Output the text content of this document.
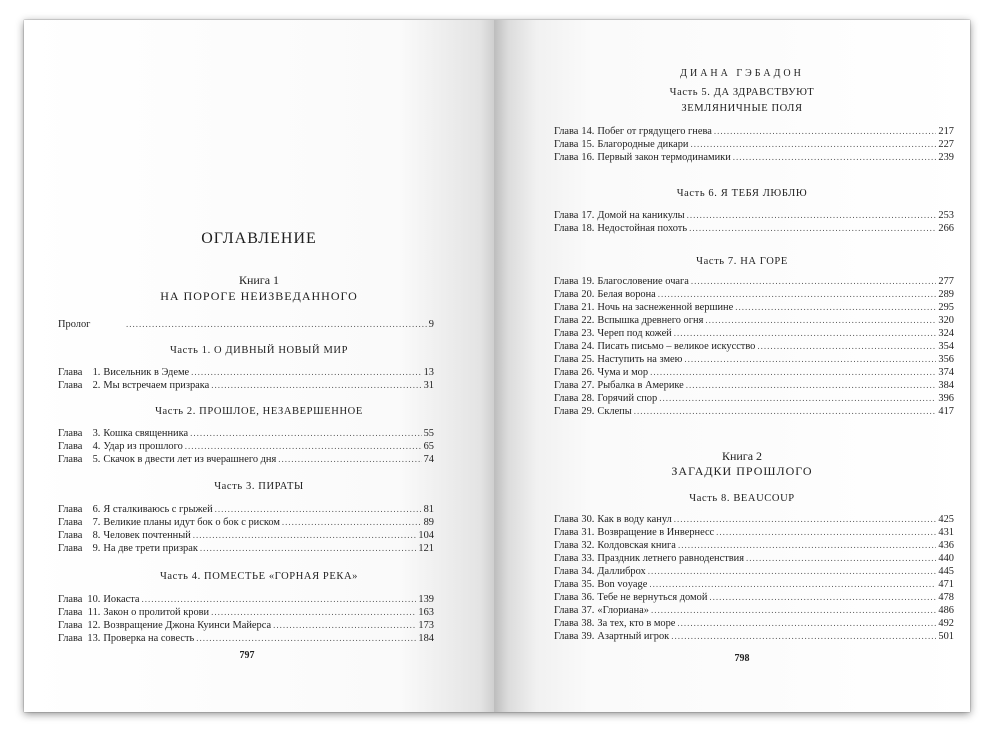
ОГЛАВЛЕНИЕ
Книга 1
НА ПОРОГЕ НЕИЗВЕДАННОГО
Пролог .....	9
Часть 1. О ДИВНЫЙ НОВЫЙ МИР
Часть 2. ПРОШЛОЕ, НЕЗАВЕРШЕННОЕ
Часть 3. ПИРАТЫ
Часть 4. ПОМЕСТЬЕ «ГОРНАЯ РЕКА»
797
Глава 1. Висельник в Эдеме .....	13
Глава 2. Мы встречаем призрака .....	31
Глава 3. Кошка священника .....	55
Глава 4. Удар из прошлого .....	65
Глава 5. Скачок в двести лет из вчерашнего дня .....	74
Глава 6. Я сталкиваюсь с грыжей .....	81
Глава 7. Великие планы идут бок о бок с риском .....	89
Глава 8. Человек почтенный .....	104
Глава 9. На две трети призрак .....	121
Глава 10. Иокаста .....	139
Глава 11. Закон о пролитой крови .....	163
Глава 12. Возвращение Джона Куинси Майерса .....	173
Глава 13. Проверка на совесть .....	184
ДИАНА ГЭБАДОН
Часть 5. ДА ЗДРАВСТВУЮТ
ЗЕМЛЯНИЧНЫЕ ПОЛЯ
Часть 6. Я ТЕБЯ ЛЮБЛЮ
Часть 7. НА ГОРЕ
Книга 2
ЗАГАДКИ ПРОШЛОГО
Часть 8. BEAUCOUP
798
Глава 14. Побег от грядущего гнева .....	217
Глава 15. Благородные дикари .....	227
Глава 16. Первый закон термодинамики .....	239
Глава 17. Домой на каникулы .....	253
Глава 18. Недостойная похоть .....	266
Глава 19. Благословение очага .....	277
Глава 20. Белая ворона .....	289
Глава 21. Ночь на заснеженной вершине .....	295
Глава 22. Вспышка древнего огня .....	320
Глава 23. Череп под кожей .....	324
Глава 24. Писать письмо – великое искусство .....	354
Глава 25. Наступить на змею .....	356
Глава 26. Чума и мор .....	374
Глава 27. Рыбалка в Америке .....	384
Глава 28. Горячий спор .....	396
Глава 29. Склепы .....	417
Глава 30. Как в воду канул .....	425
Глава 31. Возвращение в Инвернесс .....	431
Глава 32. Колдовская книга .....	436
Глава 33. Праздник летнего равноденствия .....	440
Глава 34. Даллиброх .....	445
Глава 35. Bon voyage .....	471
Глава 36. Тебе не вернуться домой .....	478
Глава 37. «Глориана» .....	486
Глава 38. За тех, кто в море .....	492
Глава 39. Азартный игрок .....	501
